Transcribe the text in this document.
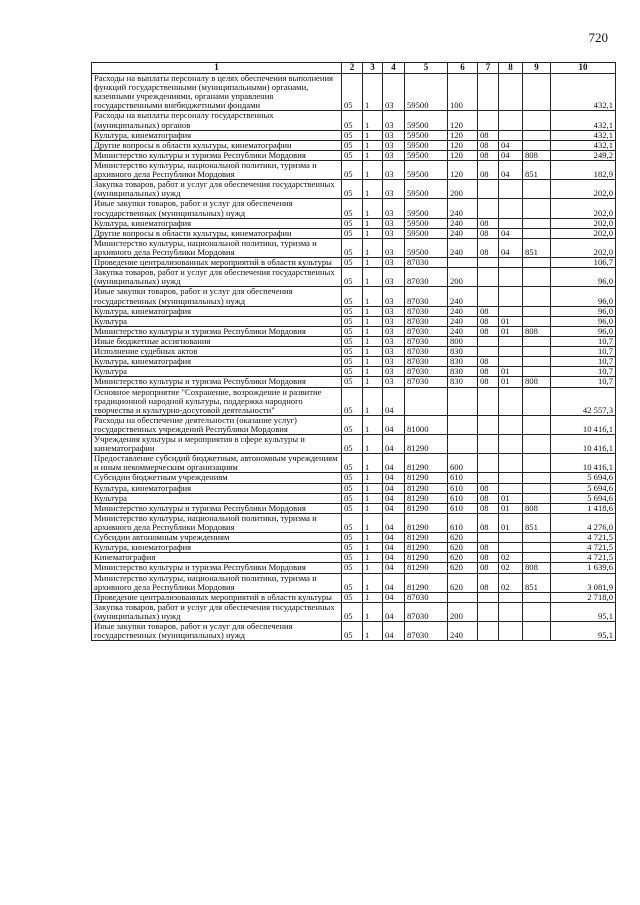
720
1	2	3	4	5	6	7	8	9	10
Расходы на выплаты персоналу в целях обеспечения выполнения функций государственными (муниципальными) органами, казенными учреждениями, органами управления государственными внебюджетными фондами	05	1	03	59500	100				432,1
Расходы на выплаты персоналу государственных (муниципальных) органов	05	1	03	59500	120				432,1
Культура, кинематография	05	1	03	59500	120	08			432,1
Другие вопросы в области культуры, кинематографии	05	1	03	59500	120	08	04		432,1
Министерство культуры и туризма Республики Мордовия	05	1	03	59500	120	08	04	808	249,2
Министерство культуры, национальной политики, туризма и архивного дела Республики Мордовия	05	1	03	59500	120	08	04	851	182,9
Закупка товаров, работ и услуг для обеспечения государственных (муниципальных) нужд	05	1	03	59500	200				202,0
Иные закупки товаров, работ и услуг для обеспечения государственных (муниципальных) нужд	05	1	03	59500	240				202,0
Культура, кинематография	05	1	03	59500	240	08			202,0
Другие вопросы в области культуры, кинематографии	05	1	03	59500	240	08	04		202,0
Министерство культуры, национальной политики, туризма и архивного дела Республики Мордовия	05	1	03	59500	240	08	04	851	202,0
Проведение централизованных мероприятий в области культуры	05	1	03	87030					106,7
Закупка товаров, работ и услуг для обеспечения государственных (муниципальных) нужд	05	1	03	87030	200				96,0
Иные закупки товаров, работ и услуг для обеспечения государственных (муниципальных) нужд	05	1	03	87030	240				96,0
Культура, кинематография	05	1	03	87030	240	08			96,0
Культура	05	1	03	87030	240	08	01		96,0
Министерство культуры и туризма Республики Мордовия	05	1	03	87030	240	08	01	808	96,0
Иные бюджетные ассигнования	05	1	03	87030	800				10,7
Исполнение судебных актов	05	1	03	87030	830				10,7
Культура, кинематография	05	1	03	87030	830	08			10,7
Культура	05	1	03	87030	830	08	01		10,7
Министерство культуры и туризма Республики Мордовия	05	1	03	87030	830	08	01	808	10,7
Основное мероприятие "Сохранение, возрождение и развитие традиционной народной культуры, поддержка народного творчества и культурно-досуговой деятельности"	05	1	04						42 557,3
Расходы на обеспечение деятельности (оказание услуг) государственных учреждений Республики Мордовия	05	1	04	81000					10 416,1
Учреждения культуры и мероприятия в сфере культуры и кинематографии	05	1	04	81290					10 416,1
Предоставление субсидий бюджетным, автономным учреждениям и иным некоммерческим организациям	05	1	04	81290	600				10 416,1
Субсидии бюджетным учреждениям	05	1	04	81290	610				5 694,6
Культура, кинематография	05	1	04	81290	610	08			5 694,6
Культура	05	1	04	81290	610	08	01		5 694,6
Министерство культуры и туризма Республики Мордовия	05	1	04	81290	610	08	01	808	1 418,6
Министерство культуры, национальной политики, туризма и архивного дела Республики Мордовия	05	1	04	81290	610	08	01	851	4 276,0
Субсидии автономным учреждениям	05	1	04	81290	620				4 721,5
Культура, кинематография	05	1	04	81290	620	08			4 721,5
Кинематография	05	1	04	81290	620	08	02		4 721,5
Министерство культуры и туризма Республики Мордовия	05	1	04	81290	620	08	02	808	1 639,6
Министерство культуры, национальной политики, туризма и архивного дела Республики Мордовия	05	1	04	81290	620	08	02	851	3 081,9
Проведение централизованных мероприятий в области культуры	05	1	04	87030					2 718,0
Закупка товаров, работ и услуг для обеспечения государственных (муниципальных) нужд	05	1	04	87030	200				95,1
Иные закупки товаров, работ и услуг для обеспечения государственных (муниципальных) нужд	05	1	04	87030	240				95,1
